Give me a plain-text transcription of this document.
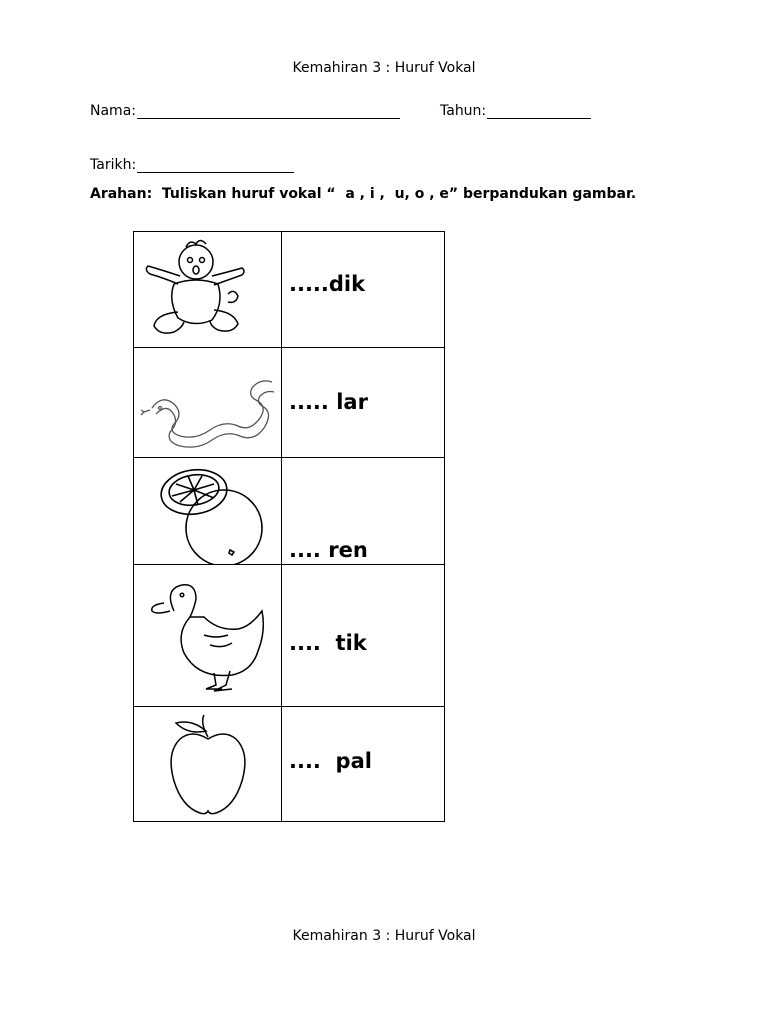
Kemahiran 3 : Huruf Vokal
Nama:	Tahun:
Tarikh:
Arahan:  Tuliskan huruf vokal “  a , i ,  u, o , e” berpandukan gambar.

.....dik

..... lar

.... ren

....  tik

....  pal
Kemahiran 3 : Huruf Vokal
